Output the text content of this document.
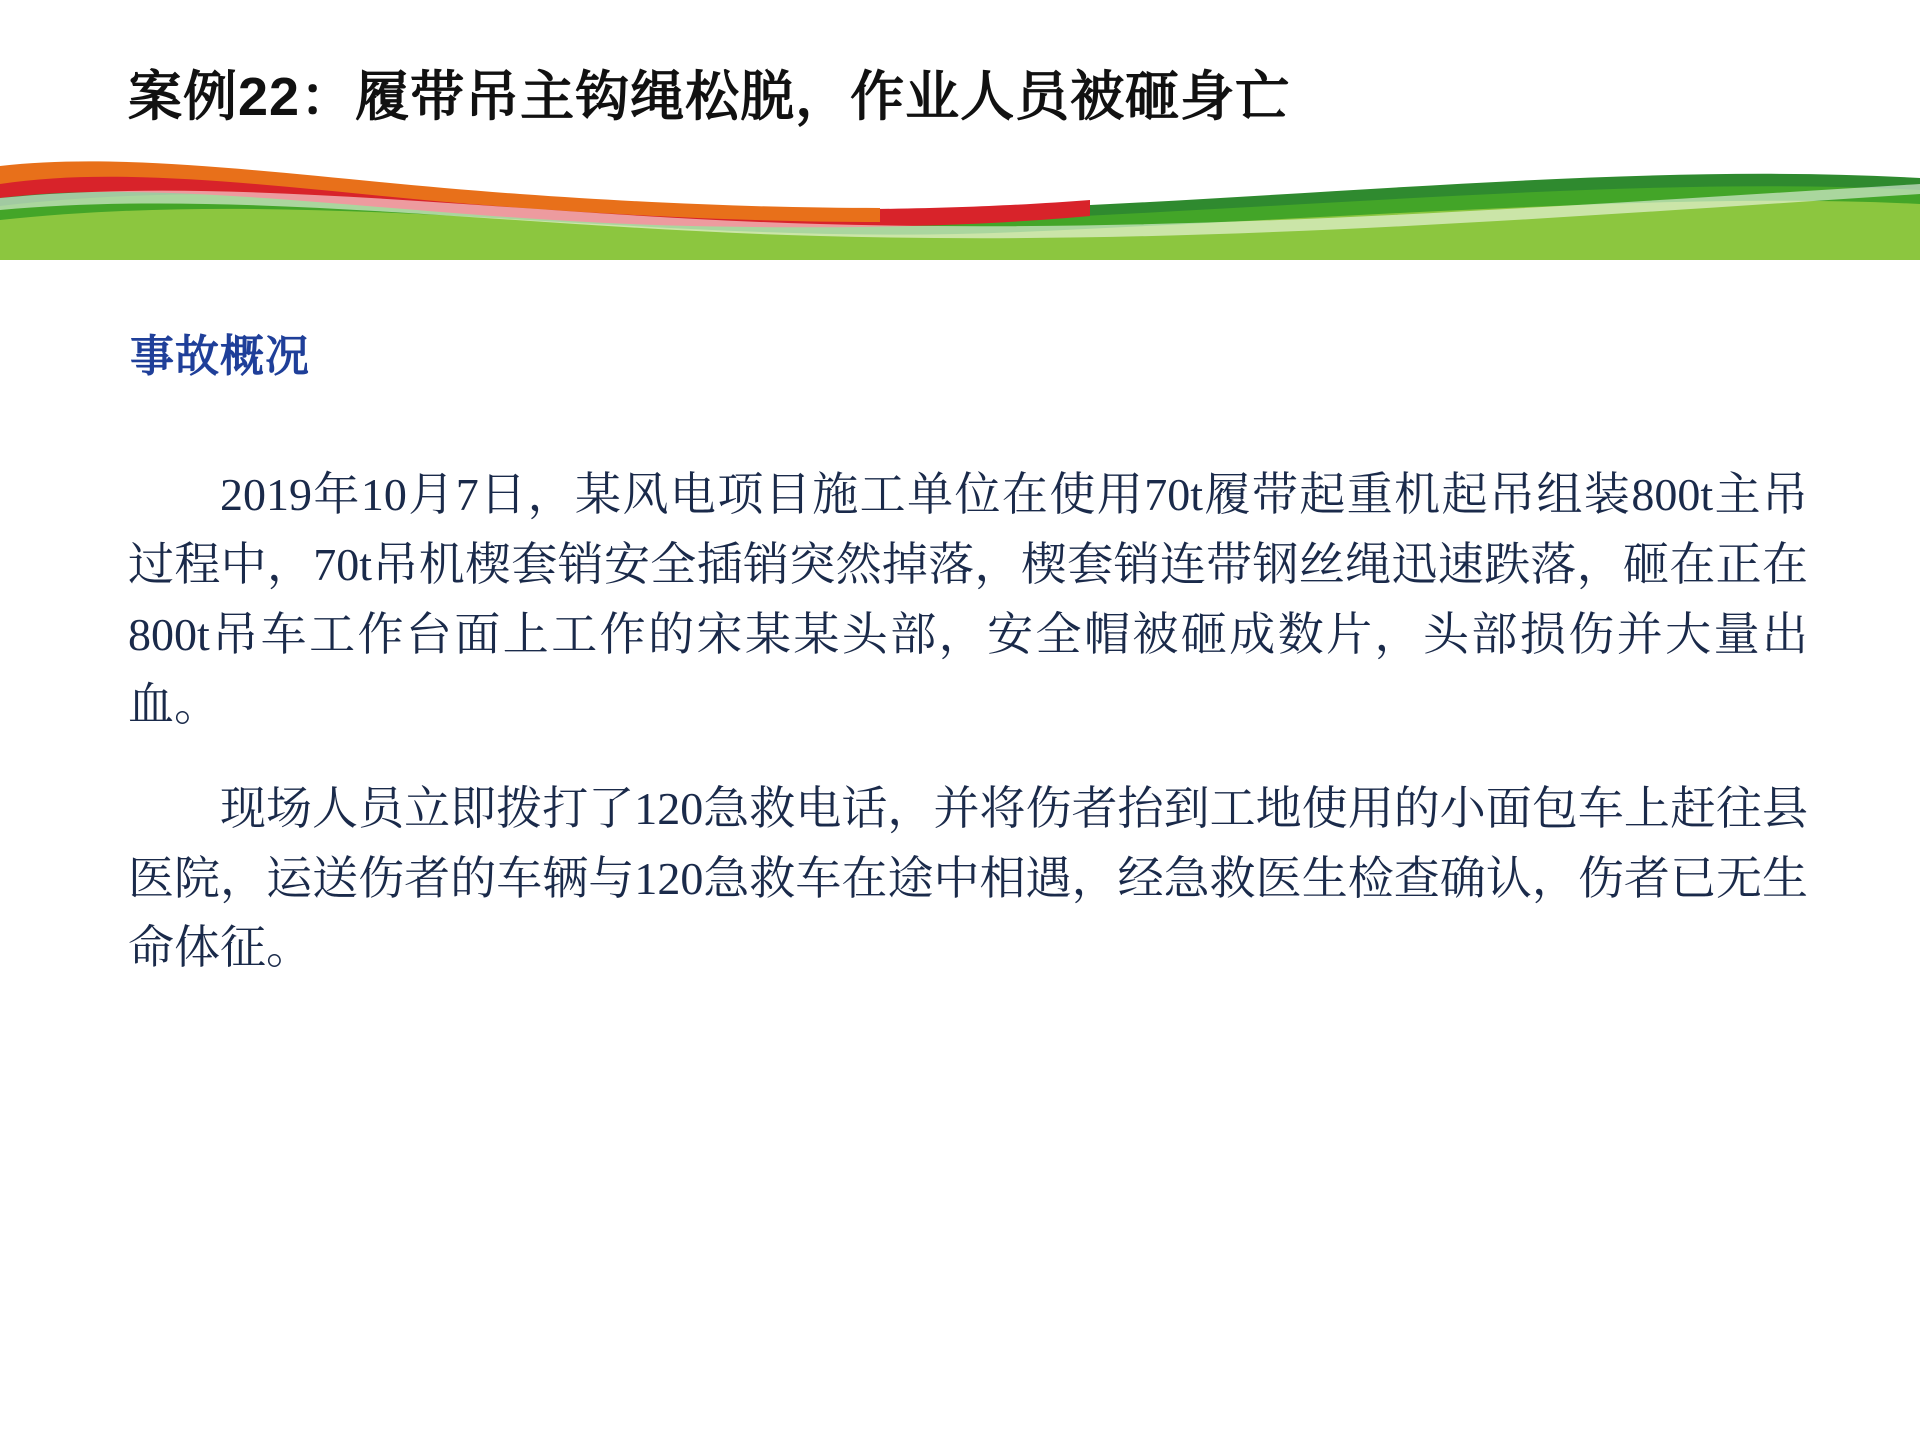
案例22：履带吊主钩绳松脱，作业人员被砸身亡
事故概况

2019年10月7日，某风电项目施工单位在使用70t履带起重机起吊组装800t主吊过程中，70t吊机楔套销安全插销突然掉落，楔套销连带钢丝绳迅速跌落，砸在正在800t吊车工作台面上工作的宋某某头部，安全帽被砸成数片，头部损伤并大量出血。

现场人员立即拨打了120急救电话，并将伤者抬到工地使用的小面包车上赶往县医院，运送伤者的车辆与120急救车在途中相遇，经急救医生检查确认，伤者已无生命体征。
